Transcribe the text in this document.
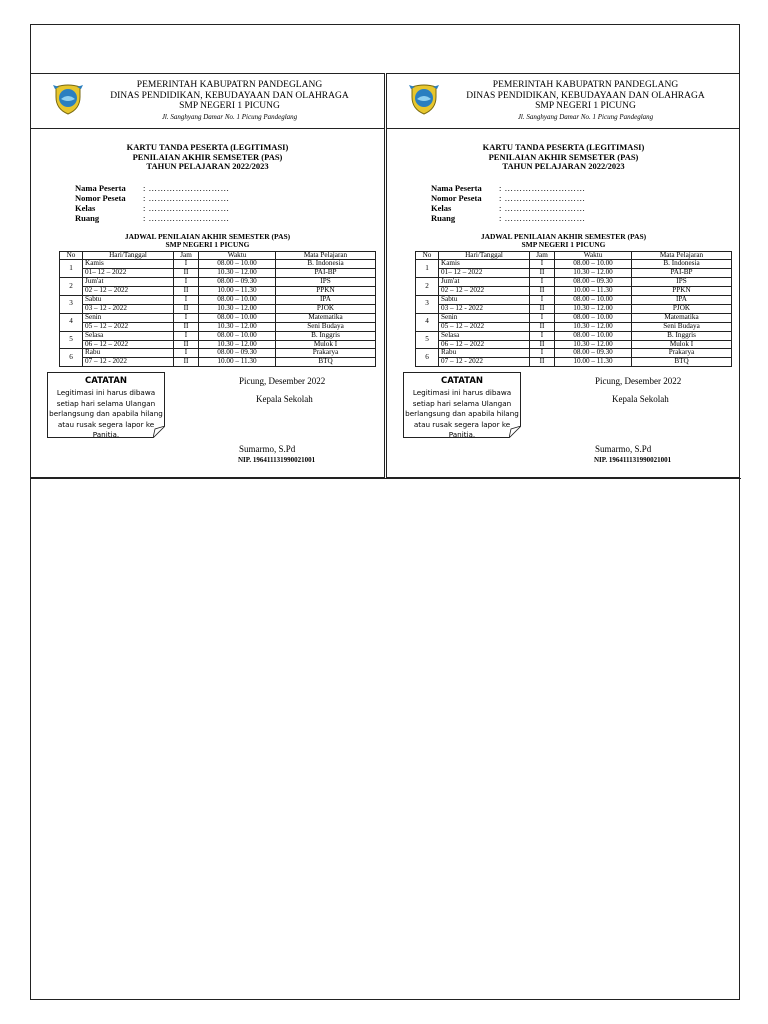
PEMERINTAH KABUPATRN PANDEGLANG
DINAS PENDIDIKAN, KEBUDAYAAN DAN OLAHRAGA
SMP NEGERI 1 PICUNG
Jl. Sanghyang Damar No. 1 Picung Pandeglang
KARTU TANDA PESERTA (LEGITIMASI)
PENILAIAN AKHIR SEMSETER (PAS)
TAHUN PELAJARAN 2022/2023
Nama Peserta	: ………………………
Nomor Peseta	: ………………………
Kelas	: ………………………
Ruang	: ………………………
JADWAL PENILAIAN AKHIR SEMESTER (PAS)
SMP NEGERI 1 PICUNG
No	Hari/Tanggal	Jam	Waktu	Mata Pelajaran
1	Kamis	I	08.00 – 10.00	B. Indonesia
	01– 12 – 2022	II	10.30 – 12.00	PAI-BP
2	Jum'at	I	08.00 – 09.30	IPS
	02 – 12 – 2022	II	10.00 – 11.30	PPKN
3	Sabtu	I	08.00 – 10.00	IPA
	03 – 12 - 2022	II	10.30 – 12.00	PJOK
4	Senin	I	08.00 – 10.00	Matematika
	05 – 12 – 2022	II	10.30 – 12.00	Seni Budaya
5	Selasa	I	08.00 – 10.00	B. Inggris
	06 – 12 – 2022	II	10.30 – 12.00	Mulok I
6	Rabu	I	08.00 – 09.30	Prakarya
	07 – 12 - 2022	II	10.00 – 11.30	BTQ
CATATAN
Legitimasi ini harus dibawa setiap hari selama Ulangan berlangsung dan apabila hilang atau rusak segera lapor ke Panitia.
Picung, Desember 2022
Kepala Sekolah
Sumarmo, S.Pd
NIP. 196411131990021001
PEMERINTAH KABUPATRN PANDEGLANG
DINAS PENDIDIKAN, KEBUDAYAAN DAN OLAHRAGA
SMP NEGERI 1 PICUNG
Jl. Sanghyang Damar No. 1 Picung Pandeglang
KARTU TANDA PESERTA (LEGITIMASI)
PENILAIAN AKHIR SEMSETER (PAS)
TAHUN PELAJARAN 2022/2023
Nama Peserta	: ………………………
Nomor Peseta	: ………………………
Kelas	: ………………………
Ruang	: ………………………
JADWAL PENILAIAN AKHIR SEMESTER (PAS)
SMP NEGERI 1 PICUNG
No	Hari/Tanggal	Jam	Waktu	Mata Pelajaran
1	Kamis	I	08.00 – 10.00	B. Indonesia
	01– 12 – 2022	II	10.30 – 12.00	PAI-BP
2	Jum'at	I	08.00 – 09.30	IPS
	02 – 12 – 2022	II	10.00 – 11.30	PPKN
3	Sabtu	I	08.00 – 10.00	IPA
	03 – 12 - 2022	II	10.30 – 12.00	PJOK
4	Senin	I	08.00 – 10.00	Matematika
	05 – 12 – 2022	II	10.30 – 12.00	Seni Budaya
5	Selasa	I	08.00 – 10.00	B. Inggris
	06 – 12 – 2022	II	10.30 – 12.00	Mulok I
6	Rabu	I	08.00 – 09.30	Prakarya
	07 – 12 - 2022	II	10.00 – 11.30	BTQ
CATATAN
Legitimasi ini harus dibawa setiap hari selama Ulangan berlangsung dan apabila hilang atau rusak segera lapor ke Panitia.
Picung, Desember 2022
Kepala Sekolah
Sumarmo, S.Pd
NIP. 196411131990021001
